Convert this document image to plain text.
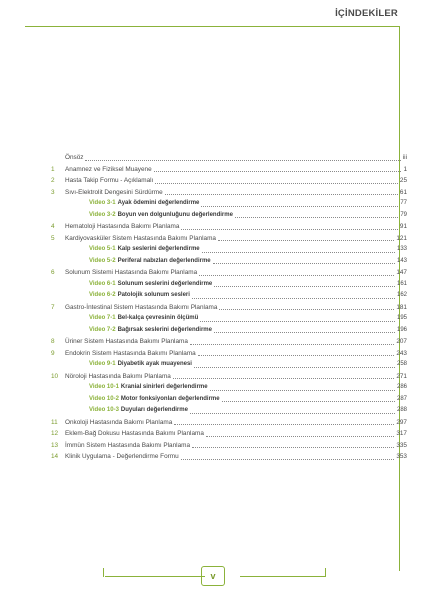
İÇİNDEKİLER
Önsöz	iii
1	Anamnez ve Fiziksel Muayene	1
2	Hasta Takip Formu - Açıklamalı	25
3	Sıvı-Elektrolit Dengesini Sürdürme	61
Video 3-1 Ayak ödemini değerlendirme	77
Video 3-2 Boyun ven dolgunluğunu değerlendirme	79
4	Hematoloji Hastasında Bakımı Planlama	91
5	Kardiyovasküler Sistem Hastasında Bakımı Planlama	121
Video 5-1 Kalp seslerini değerlendirme	133
Video 5-2 Periferal nabızları değerlendirme	143
6	Solunum Sistemi Hastasında Bakımı Planlama	147
Video 6-1 Solunum seslerini değerlendirme	161
Video 6-2 Patolojik solunum sesleri	162
7	Gastro-İntestinal Sistem Hastasında Bakımı Planlama	181
Video 7-1 Bel-kalça çevresinin ölçümü	195
Video 7-2 Bağırsak seslerini değerlendirme	196
8	Üriner Sistem Hastasında Bakımı Planlama	207
9	Endokrin Sistem Hastasında Bakımı Planlama	243
Video 9-1 Diyabetik ayak muayenesi	258
10	Nöroloji Hastasında Bakımı Planlama	271
Video 10-1 Kranial sinirleri değerlendirme	286
Video 10-2 Motor fonksiyonları değerlendirme	287
Video 10-3 Duyuları değerlendirme	288
11	Onkoloji Hastasında Bakımı Planlama	297
12	Eklem-Bağ Dokusu Hastasında Bakımı Planlama	317
13	İmmün Sistem Hastasında Bakımı Planlama	335
14	Klinik Uygulama - Değerlendirme Formu	353
v
